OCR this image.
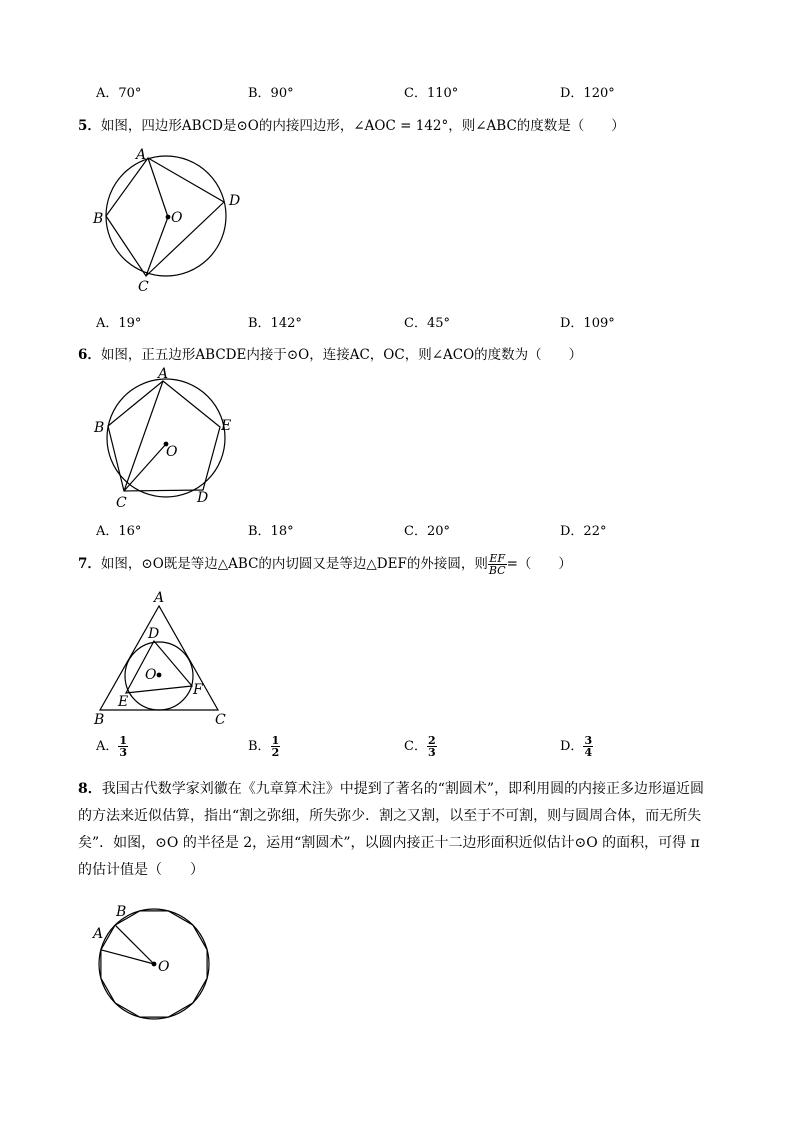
A．70°	B．90°	C．110°	D．120°
5．如图，四边形ABCD是⊙O的内接四边形，∠AOC = 142°，则∠ABC的度数是（　　）
A
B
C
D
O
A．19°	B．142°	C．45°	D．109°
6．如图，正五边形ABCDE内接于⊙O，连接AC，OC，则∠ACO的度数为（　　）
A
B
C	D
E
O
A．16°	B．18°	C．20°	D．22°
7．如图，⊙O既是等边△ABC的内切圆又是等边△DEF的外接圆，则 $\frac{EF}{BC}$ =（　　）
A
B	C
D
E
F
O
A． $\frac{1}{3}$	B． $\frac{1}{2}$	C． $\frac{2}{3}$	D． $\frac{3}{4}$
8．我国古代数学家刘徽在《九章算术注》中提到了著名的“割圆术”，即利用圆的内接正多边形逼近圆的方法来近似估算，指出“割之弥细，所失弥少．割之又割，以至于不可割，则与圆周合体，而无所失矣”．如图，⊙O 的半径是 2，运用“割圆术”，以圆内接正十二边形面积近似估计⊙O 的面积，可得 π 的估计值是（　　）
A
B
O
